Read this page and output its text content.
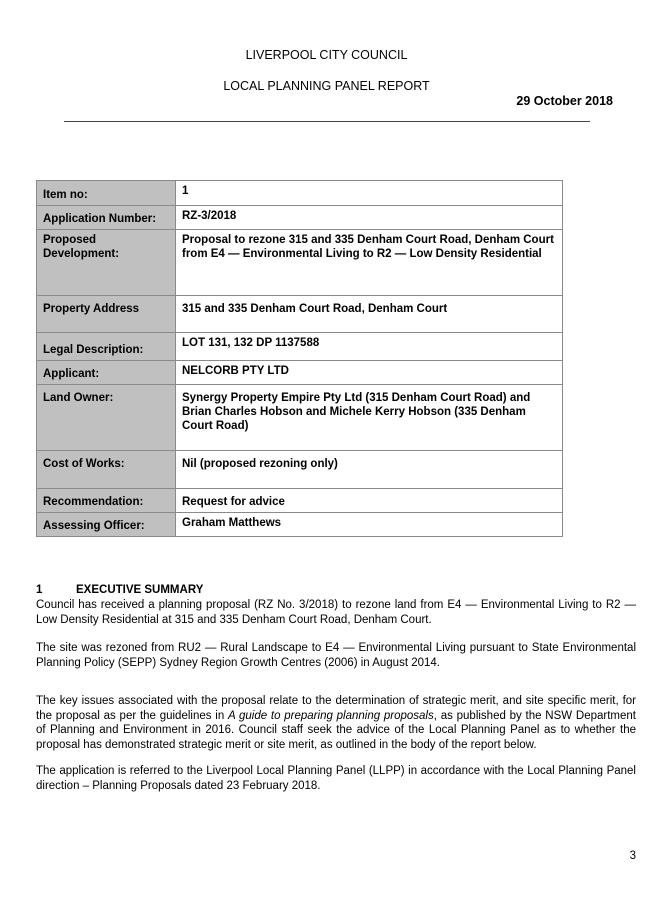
LIVERPOOL CITY COUNCIL
LOCAL PLANNING PANEL REPORT
29 October 2018
Item no:	1
Application Number:	RZ-3/2018
Proposed Development:	Proposal to rezone 315 and 335 Denham Court Road, Denham Court from E4 — Environmental Living to R2 — Low Density Residential
Property Address	315 and 335 Denham Court Road, Denham Court
Legal Description:	LOT 131, 132 DP 1137588
Applicant:	NELCORB PTY LTD
Land Owner:	Synergy Property Empire Pty Ltd (315 Denham Court Road) and Brian Charles Hobson and Michele Kerry Hobson (335 Denham Court Road)
Cost of Works:	Nil (proposed rezoning only)
Recommendation:	Request for advice
Assessing Officer:	Graham Matthews
1	EXECUTIVE SUMMARY

Council has received a planning proposal (RZ No. 3/2018) to rezone land from E4 — Environmental Living to R2 — Low Density Residential at 315 and 335 Denham Court Road, Denham Court.

The site was rezoned from RU2 — Rural Landscape to E4 — Environmental Living pursuant to State Environmental Planning Policy (SEPP) Sydney Region Growth Centres (2006) in August 2014.

The key issues associated with the proposal relate to the determination of strategic merit, and site specific merit, for the proposal as per the guidelines in A guide to preparing planning proposals, as published by the NSW Department of Planning and Environment in 2016. Council staff seek the advice of the Local Planning Panel as to whether the proposal has demonstrated strategic merit or site merit, as outlined in the body of the report below.

The application is referred to the Liverpool Local Planning Panel (LLPP) in accordance with the Local Planning Panel direction – Planning Proposals dated 23 February 2018.

3
